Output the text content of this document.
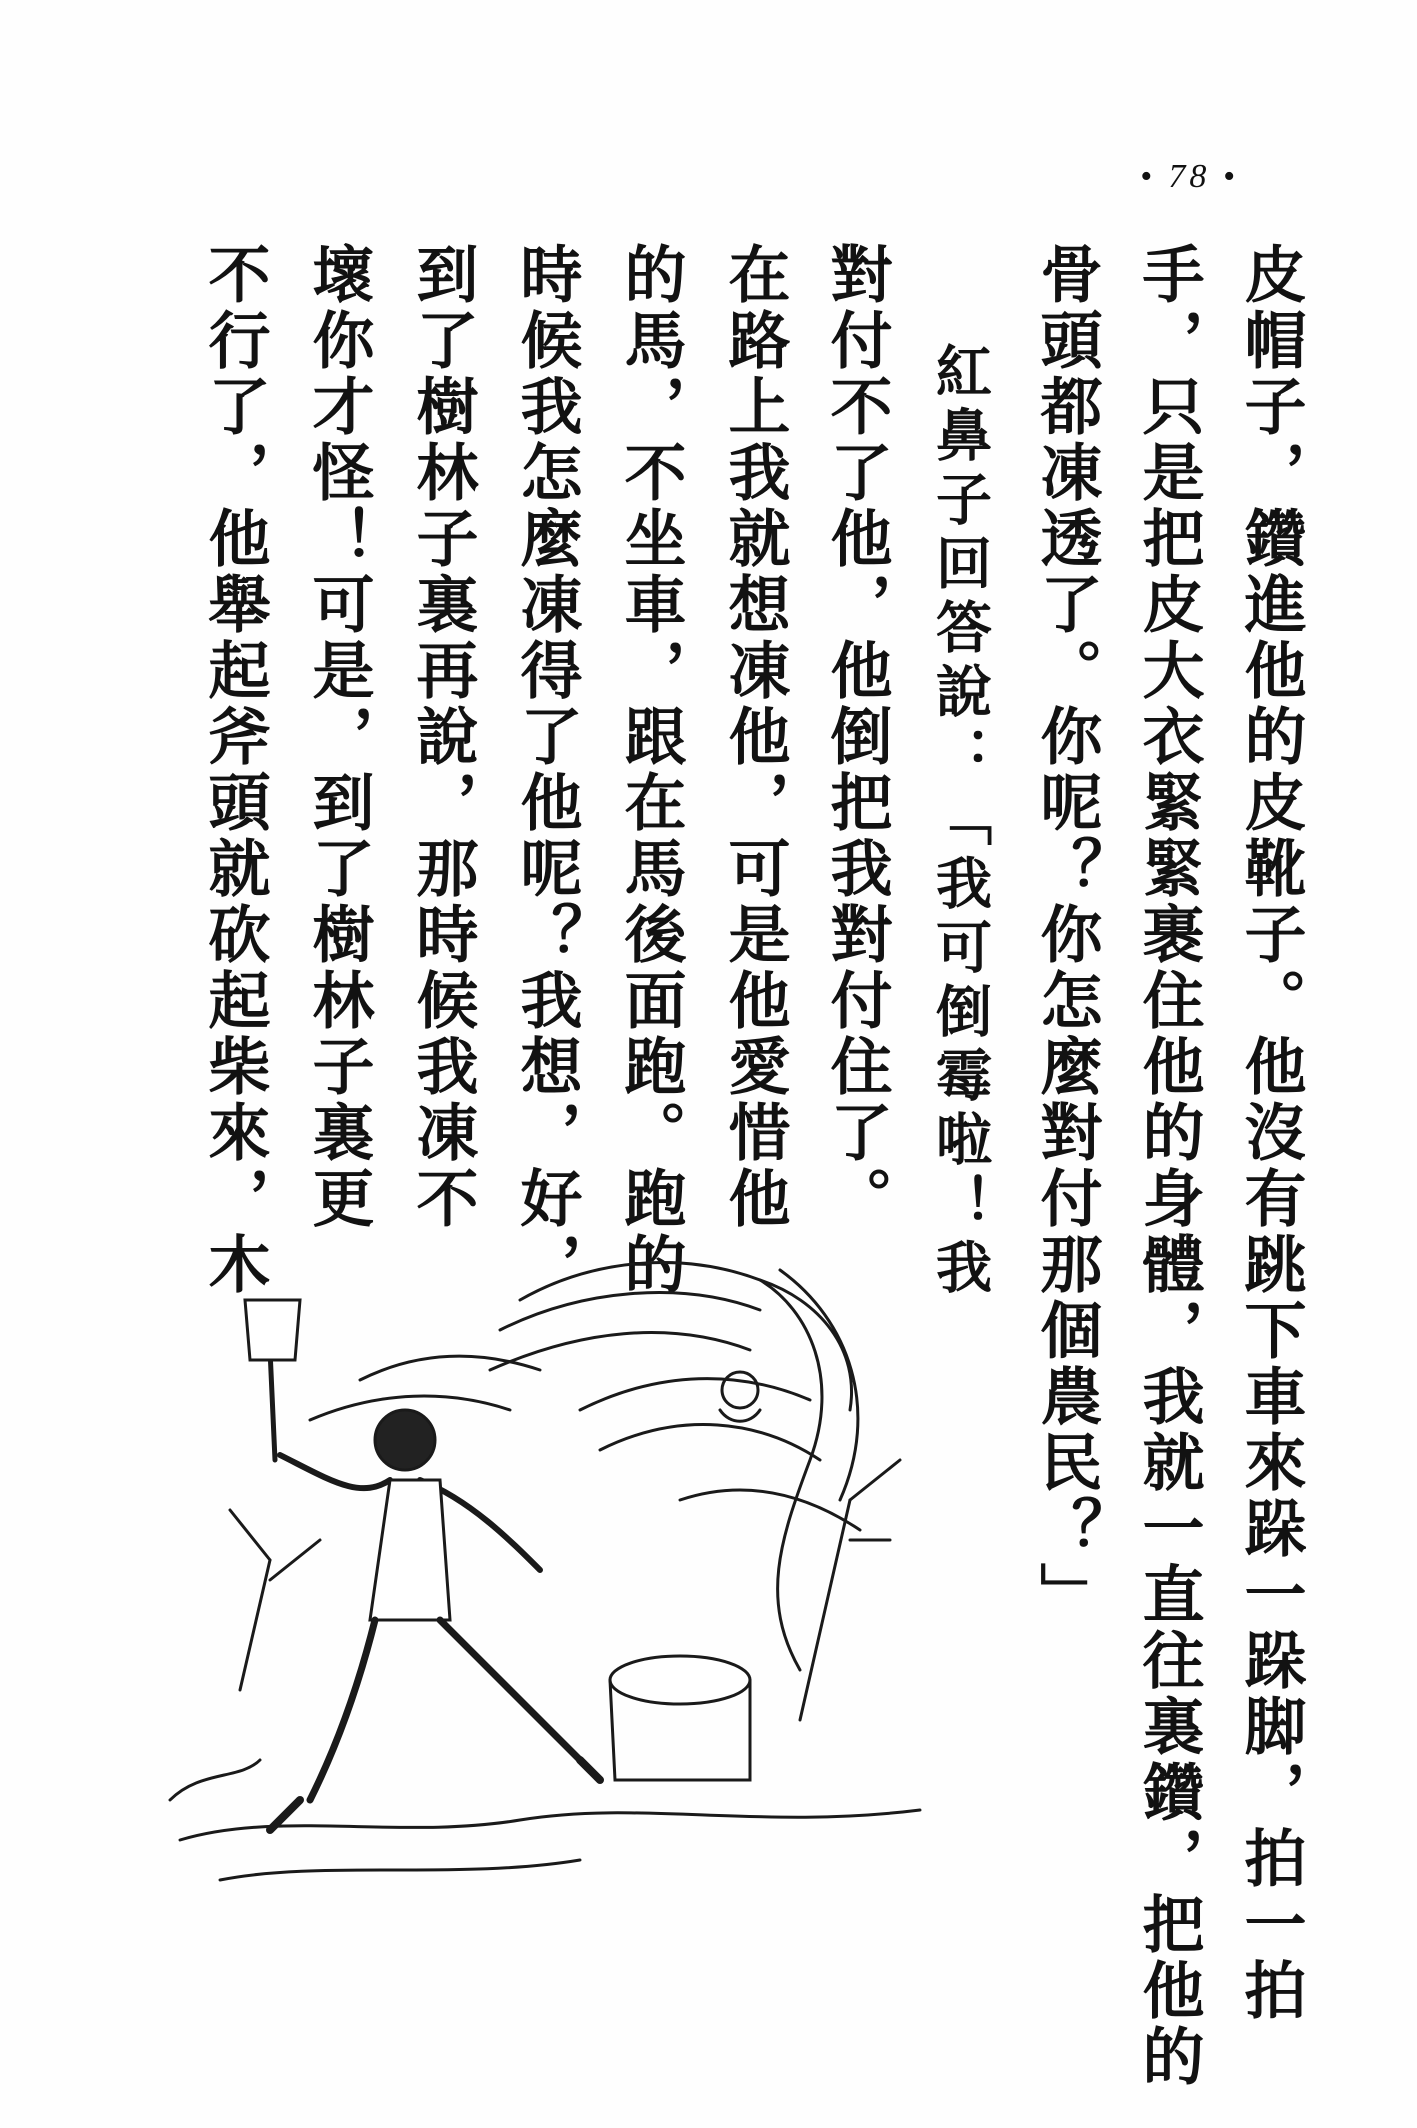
• 78 •
皮帽子，鑽進他的皮靴子。他沒有跳下車來跺一跺脚，拍一拍
手，只是把皮大衣緊緊裹住他的身體，我就一直往裏鑽，把他的
骨頭都凍透了。你呢？你怎麼對付那個農民？」
紅鼻子回答說：「我可倒霉啦！我
對付不了他，他倒把我對付住了。
在路上我就想凍他，可是他愛惜他
的馬，不坐車，跟在馬後面跑。跑的
時候我怎麼凍得了他呢？我想，好，
到了樹林子裏再說，那時候我凍不
壞你才怪！可是，到了樹林子裏更
不行了，他舉起斧頭就砍起柴來，木
